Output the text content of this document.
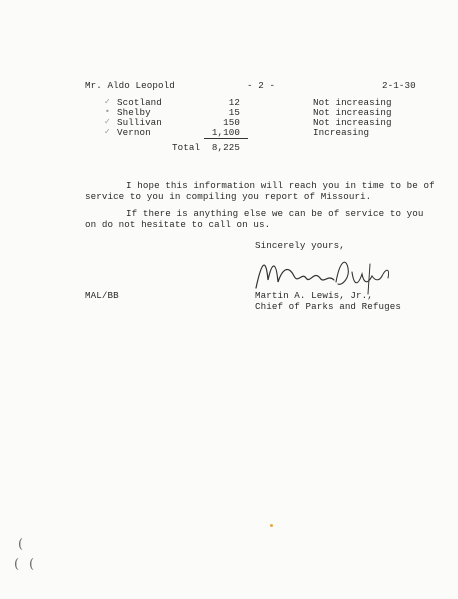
Mr. Aldo Leopold	- 2 -	2-1-30
✓ Scotland	12	Not increasing
• Shelby	15	Not increasing
✓ Sullivan	150	Not increasing
✓ Vernon	1,100	Increasing
Total	8,225
I hope this information will reach you in time to be of
service to you in compiling you report of Missouri.
If there is anything else we can be of service to you
on do not hesitate to call on us.
Sincerely yours,
Martin A. Lewis, Jr.,
Chief of Parks and Refuges
MAL/BB
(
( (
